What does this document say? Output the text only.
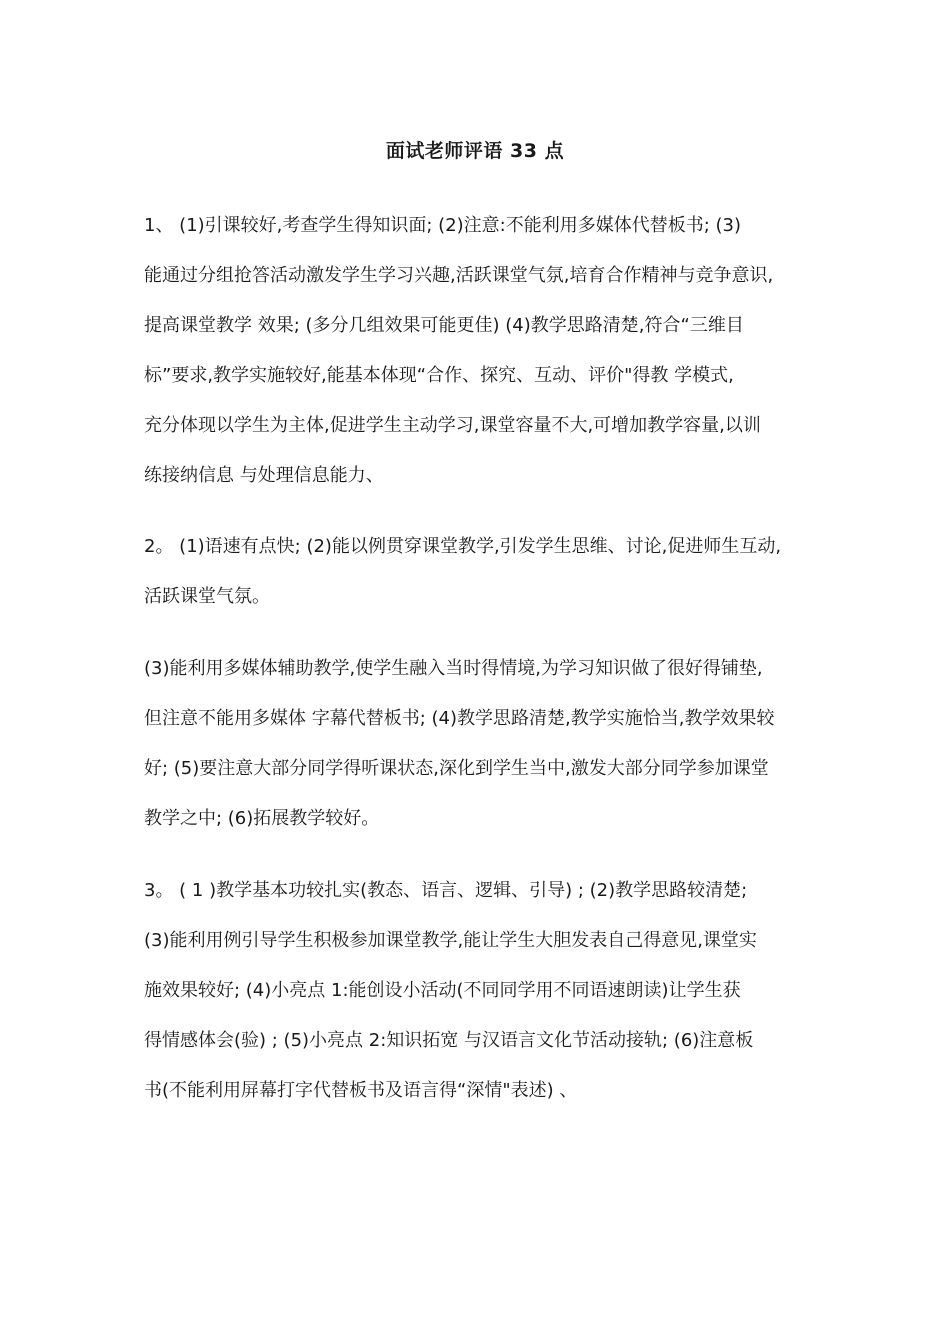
面试老师评语 33 点
1、 (1)引课较好,考查学生得知识面; (2)注意:不能利用多媒体代替板书; (3)
能通过分组抢答活动激发学生学习兴趣,活跃课堂气氛,培育合作精神与竞争意识,
提高课堂教学 效果; (多分几组效果可能更佳) (4)教学思路清楚,符合“三维目
标”要求,教学实施较好,能基本体现“合作、探究、互动、评价"得教 学模式,
充分体现以学生为主体,促进学生主动学习,课堂容量不大,可增加教学容量,以训
练接纳信息 与处理信息能力、
2。 (1)语速有点快; (2)能以例贯穿课堂教学,引发学生思维、讨论,促进师生互动,
活跃课堂气氛。
(3)能利用多媒体辅助教学,使学生融入当时得情境,为学习知识做了很好得铺垫,
但注意不能用多媒体 字幕代替板书; (4)教学思路清楚,教学实施恰当,教学效果较
好; (5)要注意大部分同学得听课状态,深化到学生当中,激发大部分同学参加课堂
教学之中; (6)拓展教学较好。
3。 ( 1 )教学基本功较扎实(教态、语言、逻辑、引导) ; (2)教学思路较清楚;
(3)能利用例引导学生积极参加课堂教学,能让学生大胆发表自己得意见,课堂实
施效果较好; (4)小亮点 1:能创设小活动(不同同学用不同语速朗读)让学生获
得情感体会(验) ; (5)小亮点 2:知识拓宽 与汉语言文化节活动接轨; (6)注意板
书(不能利用屏幕打字代替板书及语言得“深情"表述) 、
